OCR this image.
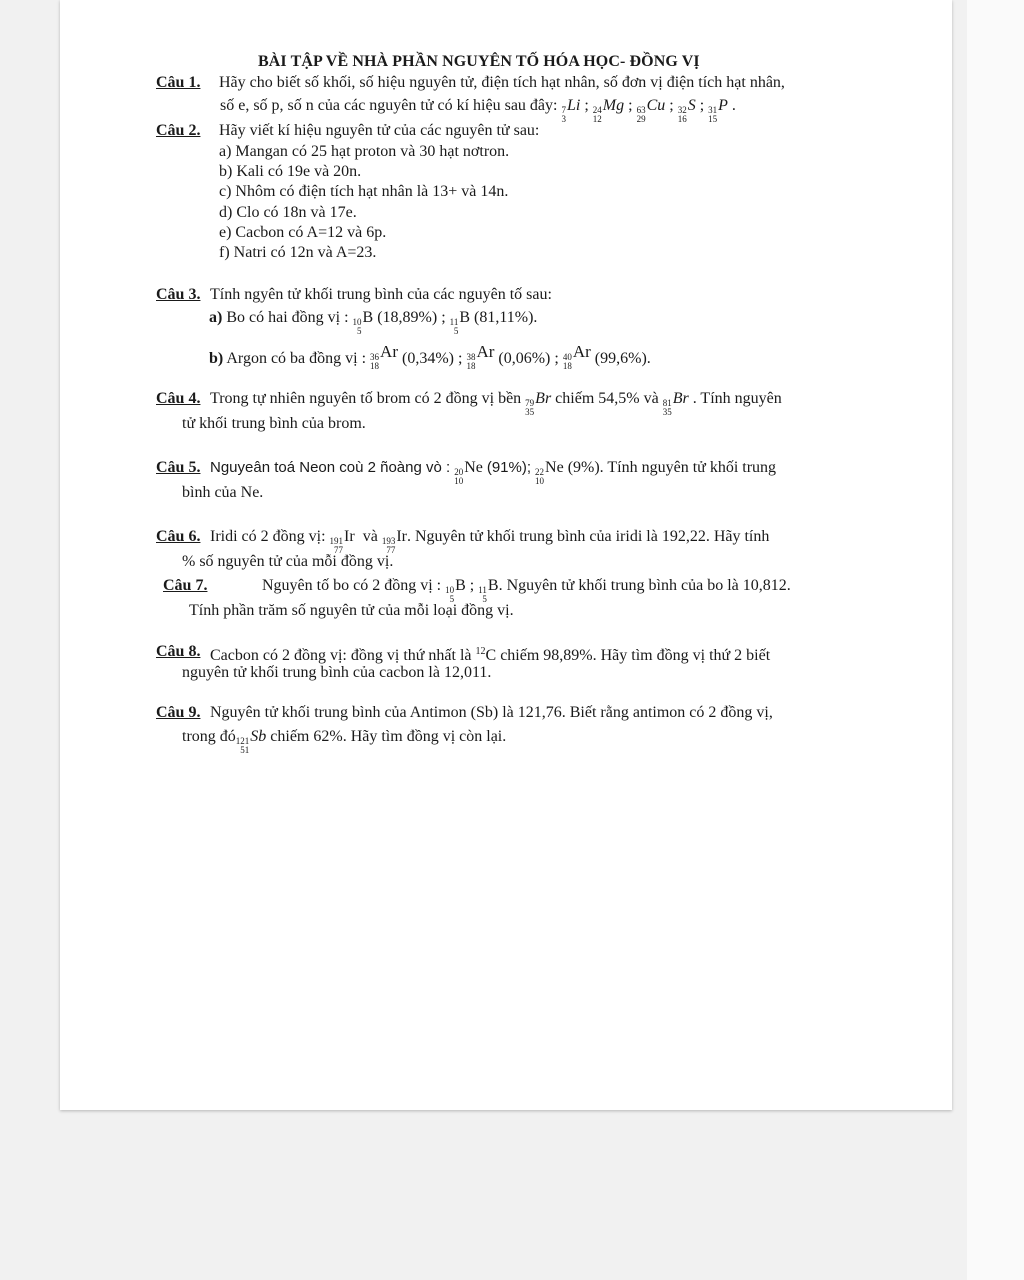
BÀI TẬP VỀ NHÀ PHẦN NGUYÊN TỐ HÓA HỌC- ĐỒNG VỊ
Câu 1. Hãy cho biết số khối, số hiệu nguyên tử, điện tích hạt nhân, số đơn vị điện tích hạt nhân,
số e, số p, số n của các nguyên tử có kí hiệu sau đây: 7
3
Li ; 24
12
Mg ; 63
29
Cu ; 32
16
S ; 31
15
P .
Câu 2. Hãy viết kí hiệu nguyên tử của các nguyên tử sau:
a) Mangan có 25 hạt proton và 30 hạt nơtron.
b) Kali có 19e và 20n.
c) Nhôm có điện tích hạt nhân là 13+ và 14n.
d) Clo có 18n và 17e.
e) Cacbon có A=12 và 6p.
f) Natri có 12n và A=23.
Câu 3. Tính ngyên tử khối trung bình của các nguyên tố sau:
a) Bo có hai đồng vị : 10
5
B (18,89%) ; 11
5
B (81,11%).
b) Argon có ba đồng vị : 36
18
Ar (0,34%) ; 38
18
Ar (0,06%) ; 40
18
Ar (99,6%).
Câu 4. Trong tự nhiên nguyên tố brom có 2 đồng vị bền 79
35
Br chiếm 54,5% và 81
35
Br . Tính nguyên
tử khối trung bình của brom.
Câu 5. Nguyeân toá Neon coù 2 ñoàng vò : 20
10
Ne (91%); 22
10
Ne (9%). Tính nguyên tử khối trung
bình của Ne.
Câu 6. Iridi có 2 đồng vị: 191
77
Ir và 193
77
Ir. Nguyên tử khối trung bình của iridi là 192,22. Hãy tính
% số nguyên tử của mỗi đồng vị.
Câu 7.	Nguyên tố bo có 2 đồng vị : 10
5
B ; 11
5
B. Nguyên tử khối trung bình của bo là 10,812.
Tính phần trăm số nguyên tử của mỗi loại đồng vị.
Câu 8. Cacbon có 2 đồng vị: đồng vị thứ nhất là $^{12}$C chiếm 98,89%. Hãy tìm đồng vị thứ 2 biết
nguyên tử khối trung bình của cacbon là 12,011.
Câu 9. Nguyên tử khối trung bình của Antimon (Sb) là 121,76. Biết rằng antimon có 2 đồng vị,
trong đó 121
51
Sb chiếm 62%. Hãy tìm đồng vị còn lại.
